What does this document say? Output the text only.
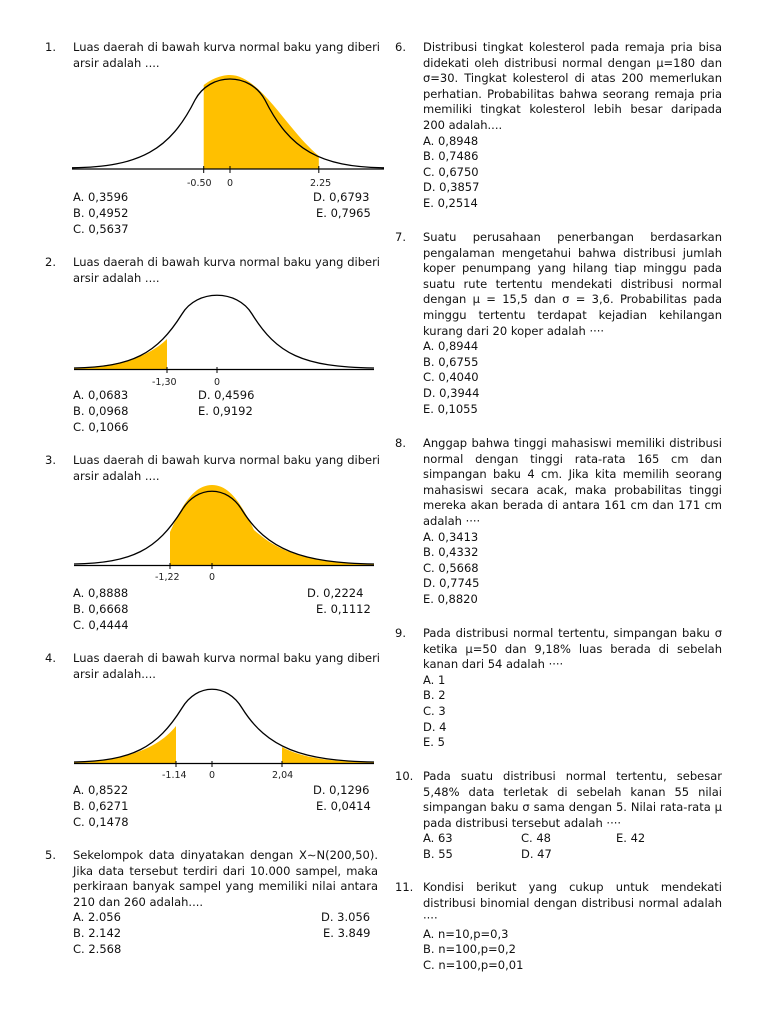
1. Luas daerah di bawah kurva normal baku yang diberi arsir adalah ....
-0.50 0	2.25
A. 0,3596	D. 0,6793
B. 0,4952	E. 0,7965
C. 0,5637
2. Luas daerah di bawah kurva normal baku yang diberi arsir adalah ....
-1,30	0
A. 0,0683	D. 0,4596
B. 0,0968	E. 0,9192
C. 0,1066
3. Luas daerah di bawah kurva normal baku yang diberi arsir adalah ....
-1,22	0
A. 0,8888	D. 0,2224
B. 0,6668	E. 0,1112
C. 0,4444
4. Luas daerah di bawah kurva normal baku yang diberi arsir adalah....
-1.14 0	2,04
A. 0,8522	D. 0,1296
B. 0,6271	E. 0,0414
C. 0,1478
5. Sekelompok data dinyatakan dengan X∼N(200,50). Jika data tersebut terdiri dari 10.000 sampel, maka perkiraan banyak sampel yang memiliki nilai antara 210 dan 260 adalah....
A. 2.056	D. 3.056
B. 2.142	E. 3.849
C. 2.568
6. Distribusi tingkat kolesterol pada remaja pria bisa didekati oleh distribusi normal dengan μ=180 dan σ=30. Tingkat kolesterol di atas 200 memerlukan perhatian. Probabilitas bahwa seorang remaja pria memiliki tingkat kolesterol lebih besar daripada 200 adalah....
A. 0,8948
B. 0,7486
C. 0,6750
D. 0,3857
E. 0,2514
7. Suatu perusahaan penerbangan berdasarkan pengalaman mengetahui bahwa distribusi jumlah koper penumpang yang hilang tiap minggu pada suatu rute tertentu mendekati distribusi normal dengan μ = 15,5 dan σ = 3,6. Probabilitas pada minggu tertentu terdapat kejadian kehilangan kurang dari 20 koper adalah ····
A. 0,8944
B. 0,6755
C. 0,4040
D. 0,3944
E. 0,1055
8. Anggap bahwa tinggi mahasiswi memiliki distribusi normal dengan tinggi rata-rata 165 cm dan simpangan baku 4 cm. Jika kita memilih seorang mahasiswi secara acak, maka probabilitas tinggi mereka akan berada di antara 161 cm dan 171 cm adalah ····
A. 0,3413
B. 0,4332
C. 0,5668
D. 0,7745
E. 0,8820
9. Pada distribusi normal tertentu, simpangan baku σ ketika μ=50 dan 9,18% luas berada di sebelah kanan dari 54 adalah ····
A. 1
B. 2
C. 3
D. 4
E. 5
10. Pada suatu distribusi normal tertentu, sebesar 5,48% data terletak di sebelah kanan 55 nilai simpangan baku σ sama dengan 5. Nilai rata-rata μ pada distribusi tersebut adalah ····
A. 63	C. 48	E. 42
B. 55	D. 47
11. Kondisi berikut yang cukup untuk mendekati distribusi binomial dengan distribusi normal adalah ····
A. n=10,p=0,3
B. n=100,p=0,2
C. n=100,p=0,01
